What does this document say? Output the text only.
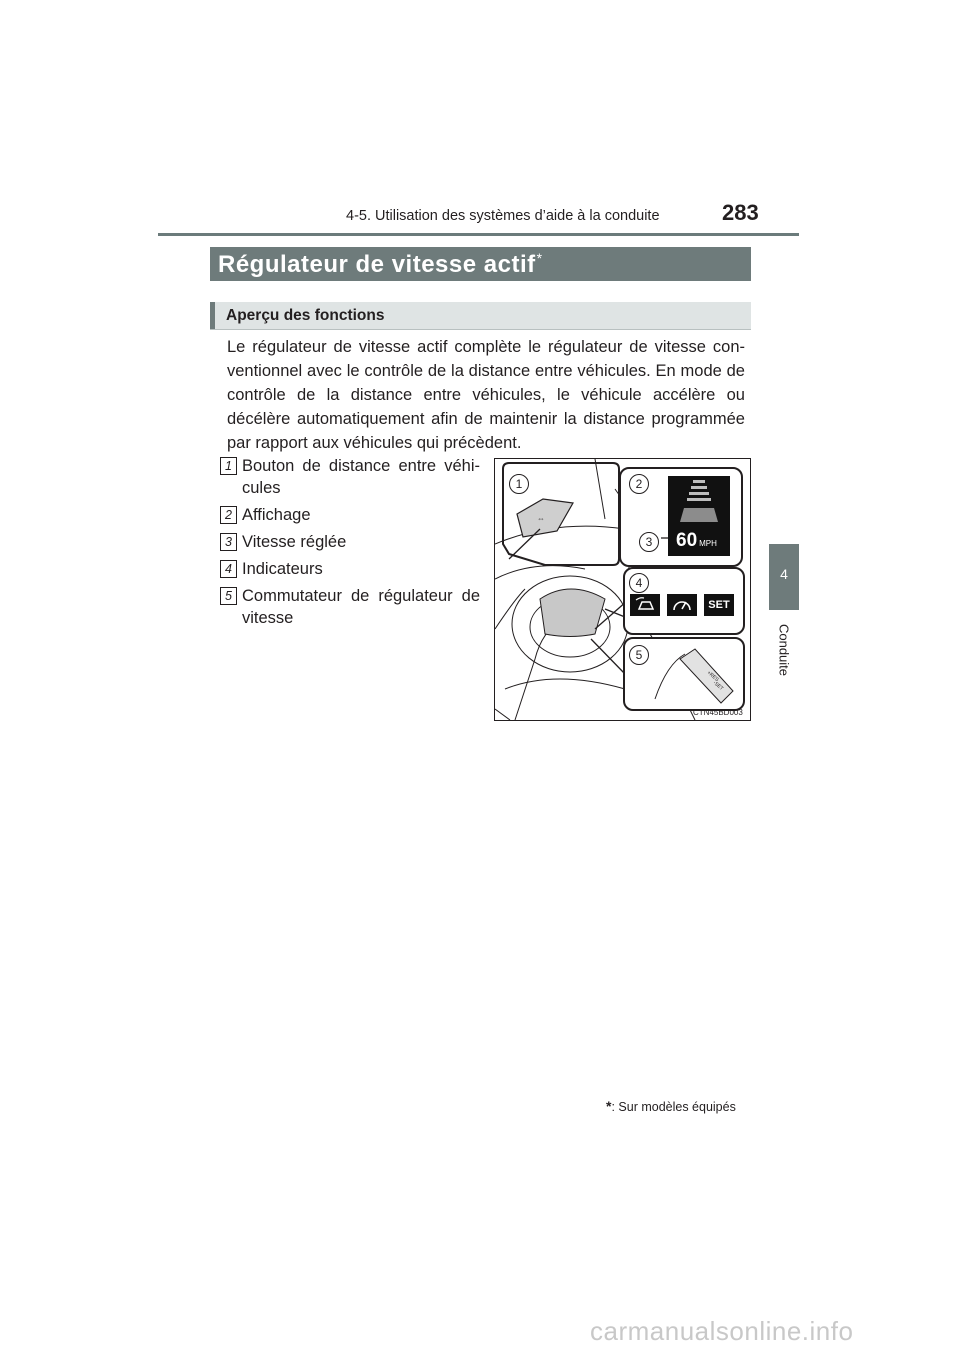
4-5. Utilisation des systèmes d’aide à la conduite	283
Régulateur de vitesse actif*
Aperçu des fonctions
Le régulateur de vitesse actif complète le régulateur de vitesse con-ventionnel avec le contrôle de la distance entre véhicules. En mode de contrôle de la distance entre véhicules, le véhicule accélère ou décélère automatiquement afin de maintenir la distance programmée par rapport aux véhicules qui précèdent.
1 Bouton de distance entre véhi-cules
2 Affichage
3 Vitesse réglée
4 Indicateurs
5 Commutateur de régulateur de vitesse
⇔
1	2
3
4
5
+RES
-SET
60 MPH
SET
CTN45BD003
4
Conduite
*: Sur modèles équipés
carmanualsonline.info
